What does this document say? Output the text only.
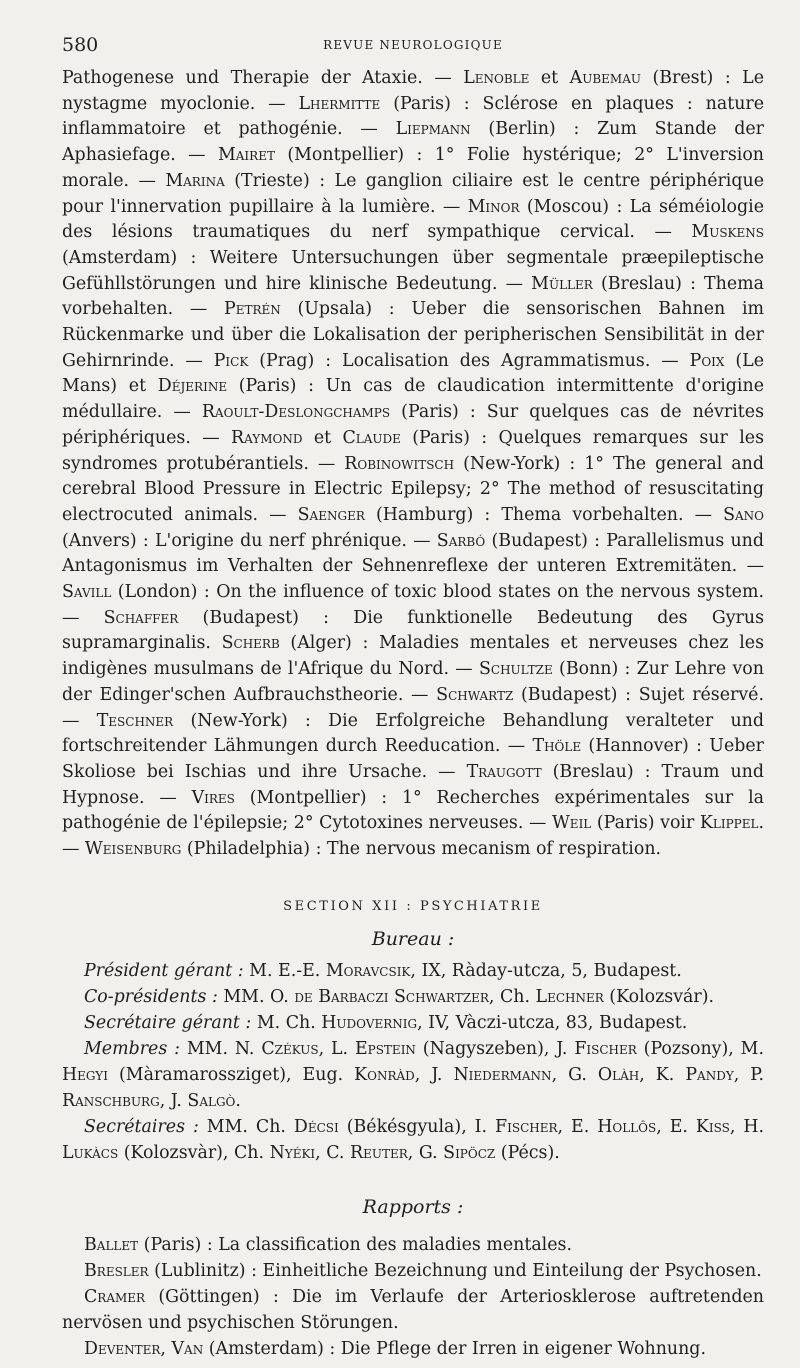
580	REVUE NEUROLOGIQUE

Pathogenese und Therapie der Ataxie. — Lenoble et Aubemau (Brest) : Le nystagme myoclonie. — Lhermitte (Paris) : Sclérose en plaques : nature inflammatoire et pathogénie. — Liepmann (Berlin) : Zum Stande der Aphasiefage. — Mairet (Montpellier) : 1° Folie hystérique; 2° L'inversion morale. — Marina (Trieste) : Le ganglion ciliaire est le centre périphérique pour l'innervation pupillaire à la lumière. — Minor (Moscou) : La séméiologie des lésions traumatiques du nerf sympathique cervical. — Muskens (Amsterdam) : Weitere Untersuchungen über segmentale præepileptische Gefühllstörungen und hire klinische Bedeutung. — Müller (Breslau) : Thema vorbehalten. — Petrén (Upsala) : Ueber die sensorischen Bahnen im Rückenmarke und über die Lokalisation der peripherischen Sensibilität in der Gehirnrinde. — Pick (Prag) : Localisation des Agrammatismus. — Poix (Le Mans) et Déjerine (Paris) : Un cas de claudication intermittente d'origine médullaire. — Raoult-Deslongchamps (Paris) : Sur quelques cas de névrites périphériques. — Raymond et Claude (Paris) : Quelques remarques sur les syndromes protubérantiels. — Robinowitsch (New-York) : 1° The general and cerebral Blood Pressure in Electric Epilepsy; 2° The method of resuscitating electrocuted animals. — Saenger (Hamburg) : Thema vorbehalten. — Sano (Anvers) : L'origine du nerf phrénique. — Sarbó (Budapest) : Parallelismus und Antagonismus im Verhalten der Sehnenreflexe der unteren Extremitäten. — Savill (London) : On the influence of toxic blood states on the nervous system. — Schaffer (Budapest) : Die funktionelle Bedeutung des Gyrus supramarginalis. Scherb (Alger) : Maladies mentales et nerveuses chez les indigènes musulmans de l'Afrique du Nord. — Schultze (Bonn) : Zur Lehre von der Edinger'schen Aufbrauchstheorie. — Schwartz (Budapest) : Sujet réservé. — Teschner (New-York) : Die Erfolgreiche Behandlung veralteter und fortschreitender Lähmungen durch Reeducation. — Thöle (Hannover) : Ueber Skoliose bei Ischias und ihre Ursache. — Traugott (Breslau) : Traum und Hypnose. — Vires (Montpellier) : 1° Recherches expérimentales sur la pathogénie de l'épilepsie; 2° Cytotoxines nerveuses. — Weil (Paris) voir Klippel. — Weisenburg (Philadelphia) : The nervous mecanism of respiration.

SECTION XII : PSYCHIATRIE
Bureau :

Président gérant : M. E.-E. Moravcsik, IX, Ràday-utcza, 5, Budapest.

Co-présidents : MM. O. de Barbaczi Schwartzer, Ch. Lechner (Kolozsvár).

Secrétaire gérant : M. Ch. Hudovernig, IV, Vàczi-utcza, 83, Budapest.

Membres : MM. N. Czékus, L. Epstein (Nagyszeben), J. Fischer (Pozsony), M. Hegyi (Màramarossziget), Eug. Konràd, J. Niedermann, G. Olàh, K. Pandy, P. Ranschburg, J. Salgò.

Secrétaires : MM. Ch. Décsi (Békésgyula), I. Fischer, E. Hollôs, E. Kiss, H. Lukàcs (Kolozsvàr), Ch. Nyéki, C. Reuter, G. Sipöcz (Pécs).

Rapports :

Ballet (Paris) : La classification des maladies mentales.

Bresler (Lublinitz) : Einheitliche Bezeichnung und Einteilung der Psychosen.

Cramer (Göttingen) : Die im Verlaufe der Arteriosklerose auftretenden nervösen und psychischen Störungen.

Deventer, Van (Amsterdam) : Die Pflege der Irren in eigener Wohnung.
